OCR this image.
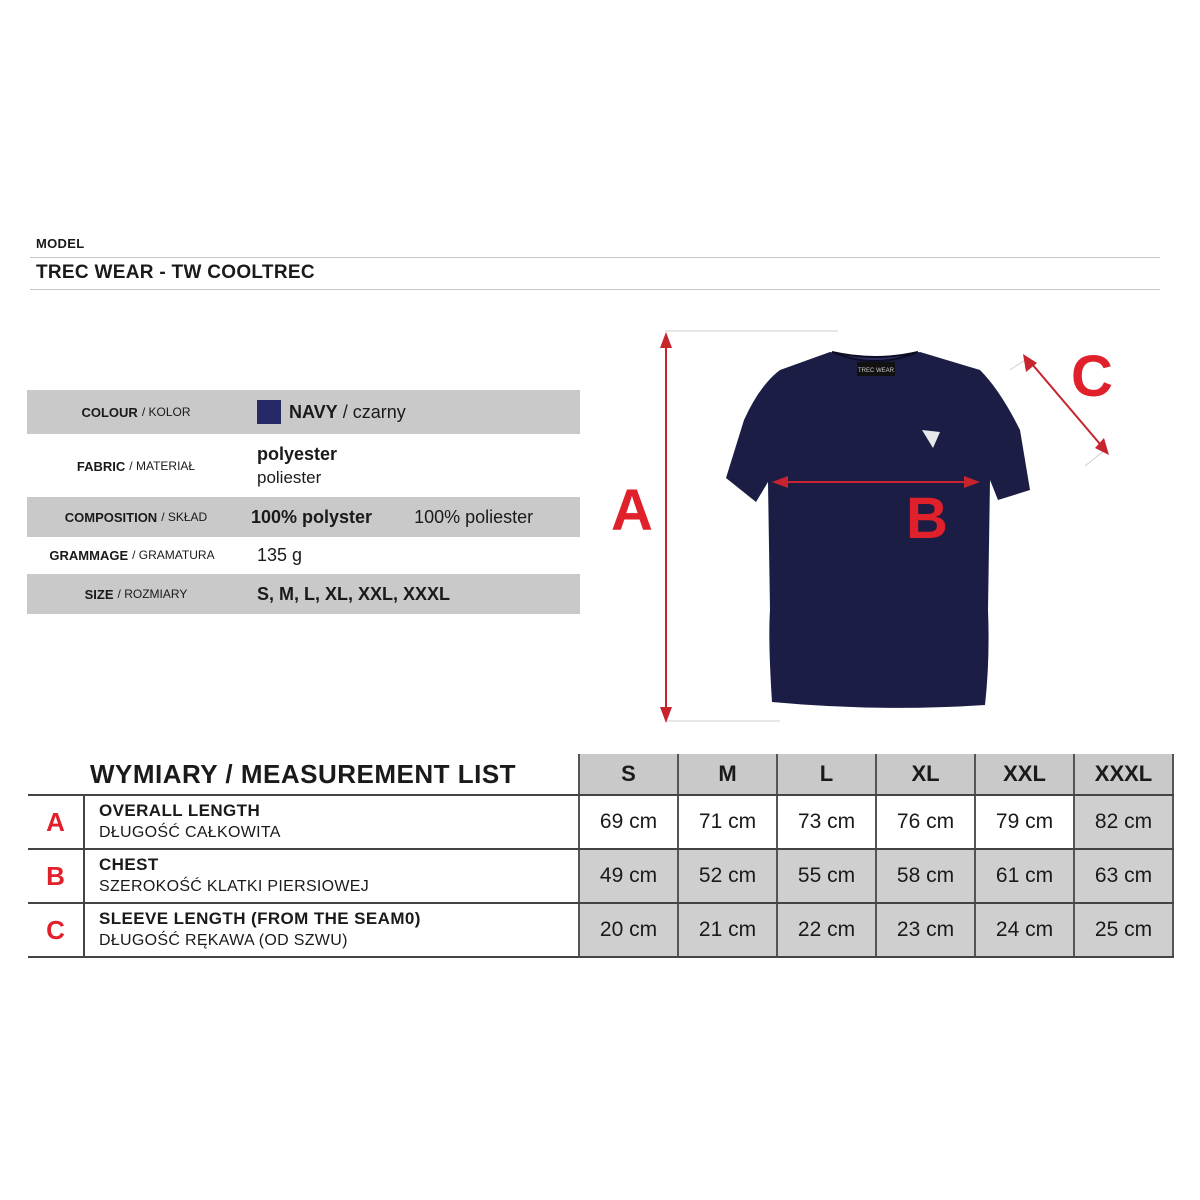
MODEL
TREC WEAR - TW COOLTREC
COLOUR / KOLOR	NAVY / czarny
FABRIC / MATERIAŁ
polyester
poliester
COMPOSITION / SKŁAD 100% polyster 100% poliester
GRAMMAGE / GRAMATURA 135 g
SIZE / ROZMIARY	S, M, L, XL, XXL, XXXL
TREC WEAR
A	B
C
WYMIARY / MEASUREMENT LIST		S	M	L	XL	XXL	XXXL
A	OVERALL LENGTH
DŁUGOŚĆ CAŁKOWITA	69 cm	71 cm	73 cm	76 cm	79 cm	82 cm
B	CHEST
SZEROKOŚĆ KLATKI PIERSIOWEJ	49 cm	52 cm	55 cm	58 cm	61 cm	63 cm
C	SLEEVE LENGTH (FROM THE SEAM0)
DŁUGOŚĆ RĘKAWA (OD SZWU)	20 cm	21 cm	22 cm	23 cm	24 cm	25 cm
